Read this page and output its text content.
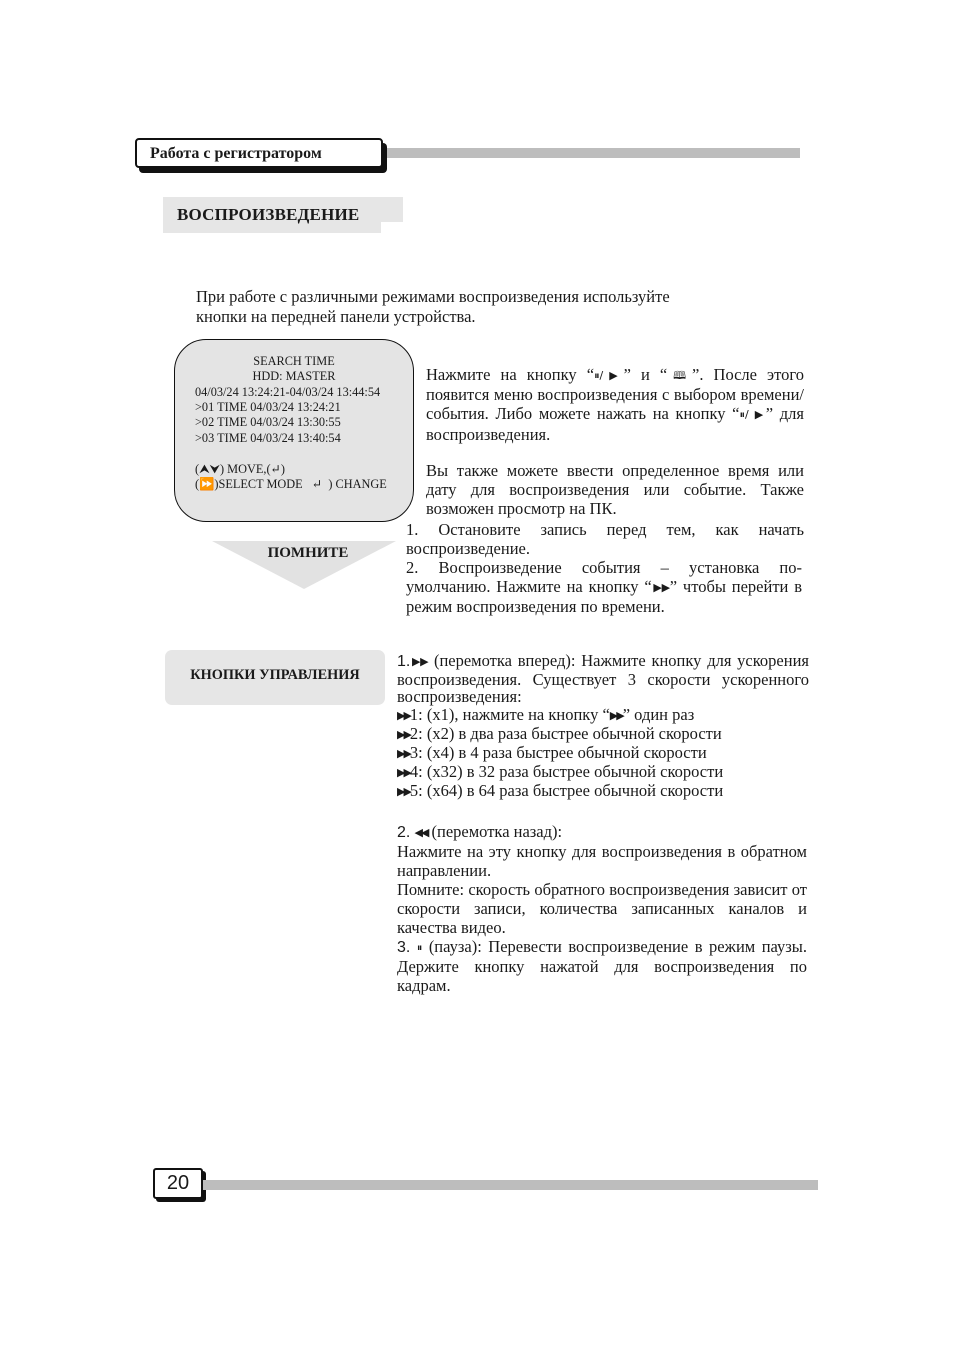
Работа с регистратором
ВОСПРОИЗВЕДЕНИЕ
При работе с различными режимами воспроизведения используйте
кнопки на передней панели устройства.
SEARCH TIME
HDD: MASTER
04/03/24 13:24:21-04/03/24 13:44:54
>01 TIME 04/03/24 13:24:21
>02 TIME 04/03/24 13:30:55
>03 TIME 04/03/24 13:40:54
(⮝⮟) MOVE,(↵)
(⏩)SELECT MODE   ↵  ) CHANGE
ПОМНИТЕ
Нажмите на кнопку “⏸/▶” и “🕮”. После этого появится меню воспроизведения с выбором времени/события. Либо можете нажать на кнопку “⏸/ ▶” для воспроизведения.
Вы также можете ввести определенное время или дату для воспроизведения или событие. Также возможен просмотр на ПК.
1. Остановите запись перед тем, как начать воспроизведение.
2. Воспроизведение события – установка по-умолчанию. Нажмите на кнопку “▶▶” чтобы перейти в режим воспроизведения по времени.
КНОПКИ УПРАВЛЕНИЯ
1.▶▶ (перемотка вперед): Нажмите кнопку для ускорения воспроизведения. Существует 3 скорости ускоренного воспроизведения:
▶▶1: (x1), нажмите на кнопку “▶▶” один раз
▶▶2: (x2) в два раза быстрее обычной скорости
▶▶3: (x4) в 4 раза быстрее обычной скорости
▶▶4: (x32) в 32 раза быстрее обычной скорости
▶▶5: (x64) в 64 раза быстрее обычной скорости
2. ◀◀ (перемотка назад):
Нажмите на эту кнопку для воспроизведения в обратном направлении.
Помните: скорость обратного воспроизведения зависит от скорости записи, количества записанных каналов и качества видео.
3. ⏸ (пауза): Перевести воспроизведение в режим паузы. Держите кнопку нажатой для воспроизведения по кадрам.
20
